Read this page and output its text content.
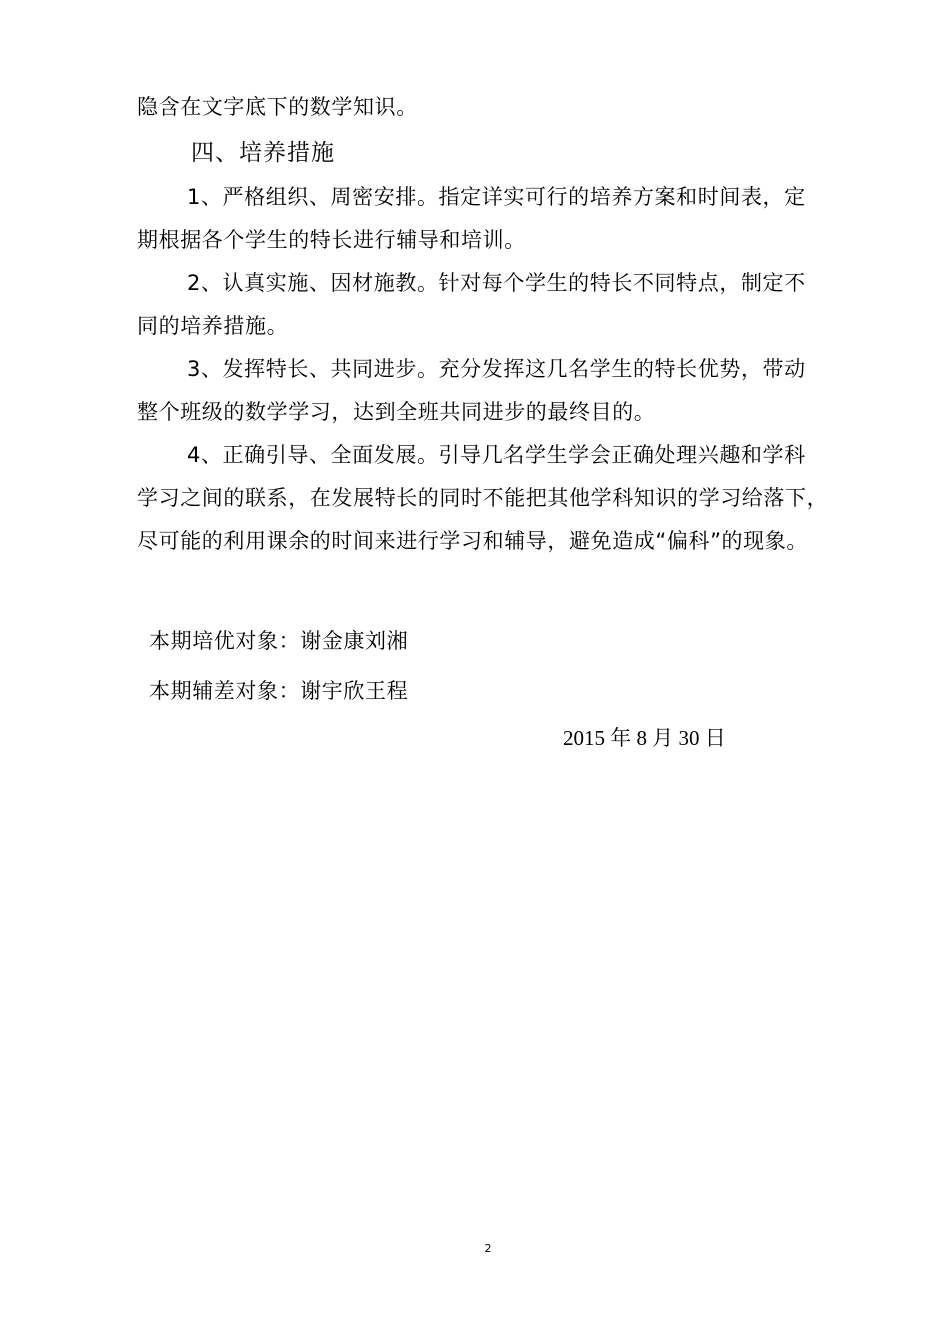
隐含在文字底下的数学知识。
四、培养措施
1、严格组织、周密安排。指定详实可行的培养方案和时间表，定
期根据各个学生的特长进行辅导和培训。
2、认真实施、因材施教。针对每个学生的特长不同特点，制定不
同的培养措施。
3、发挥特长、共同进步。充分发挥这几名学生的特长优势，带动
整个班级的数学学习，达到全班共同进步的最终目的。
4、正确引导、全面发展。引导几名学生学会正确处理兴趣和学科
学习之间的联系，在发展特长的同时不能把其他学科知识的学习给落下，
尽可能的利用课余的时间来进行学习和辅导，避免造成“偏科”的现象。
本期培优对象：谢金康刘湘
本期辅差对象：谢宇欣王程
2015 年 8 月 30 日
2
